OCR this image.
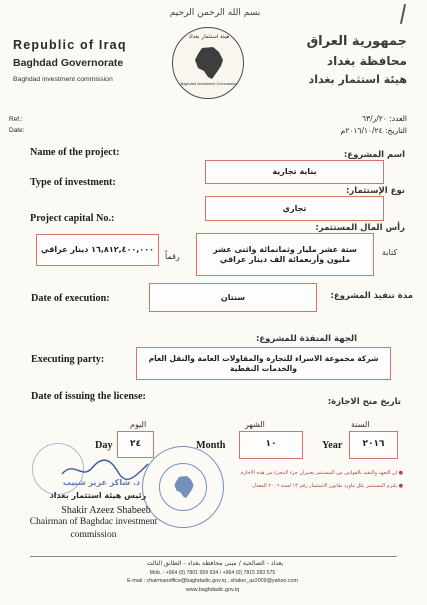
بسم الله الرحمن الرحيم
Republic of Iraq
Baghdad Governorate
Baghdad investment commission
جمهورية العراق
محافظة بغداد
هيئة استثمار بغداد
هيئة استثمار بغداد
Baghdad Investment Commission
Ref.:
Date:
العدد: ٢٠/ر/٦٣
التاريخ: ٢٠١٦/١٠/٢٤م
Name of the project:	اسم المشروع:
بناية تجارية
Type of investment:
نوع الإستثمار:
تجاري
Project capital No.:
رأس المال المستثمر:
١٦,٨١٢,٤٠٠,٠٠٠ دينار عراقي
رقماً
ستة عشر مليار وثمانمائة واثنى عشر مليون وأربعمائة الف دينار عراقي
كتابة
Date of execution:	سنتان	مدة تنفيذ المشروع:
الجهة المنفذة للمشروع:
Executing party:	شركة مجموعة الاسراء للتجارة والمقاولات العامة والنقل العام والخدمات النفطية
Date of issuing the license:	تاريخ منح الاجازة:
اليوم	الشهر	السنة
Day	٢٤	Month	١٠	Year	٢٠١٦
● ان التعهد والتقيد بالقوانين من المستثمر يعتبران جزء لايتجزء من هذه الاجازة.
● يلتزم المستثمر بكل ماورد بقانون الاستثمار رقم ١٣ لسنة ٢٠٠٦ المعدل.
د. شاكر عزيز شبيب
رئيس هيئة استثمار بغداد
Shakir Azeez Shabeeb
Chairman of Baghdac investment
commission
بغداد - الصالحية / مبنى محافظة بغداد - الطابق الثالث
Mob. : +964 (0) 7801 959 634 / +964 (0) 7815 283 575
E-mail : chairmanoffice@baghdadic.gov.iq , shaker_az2009@yahoo.com
www.baghdadic.gov.iq
